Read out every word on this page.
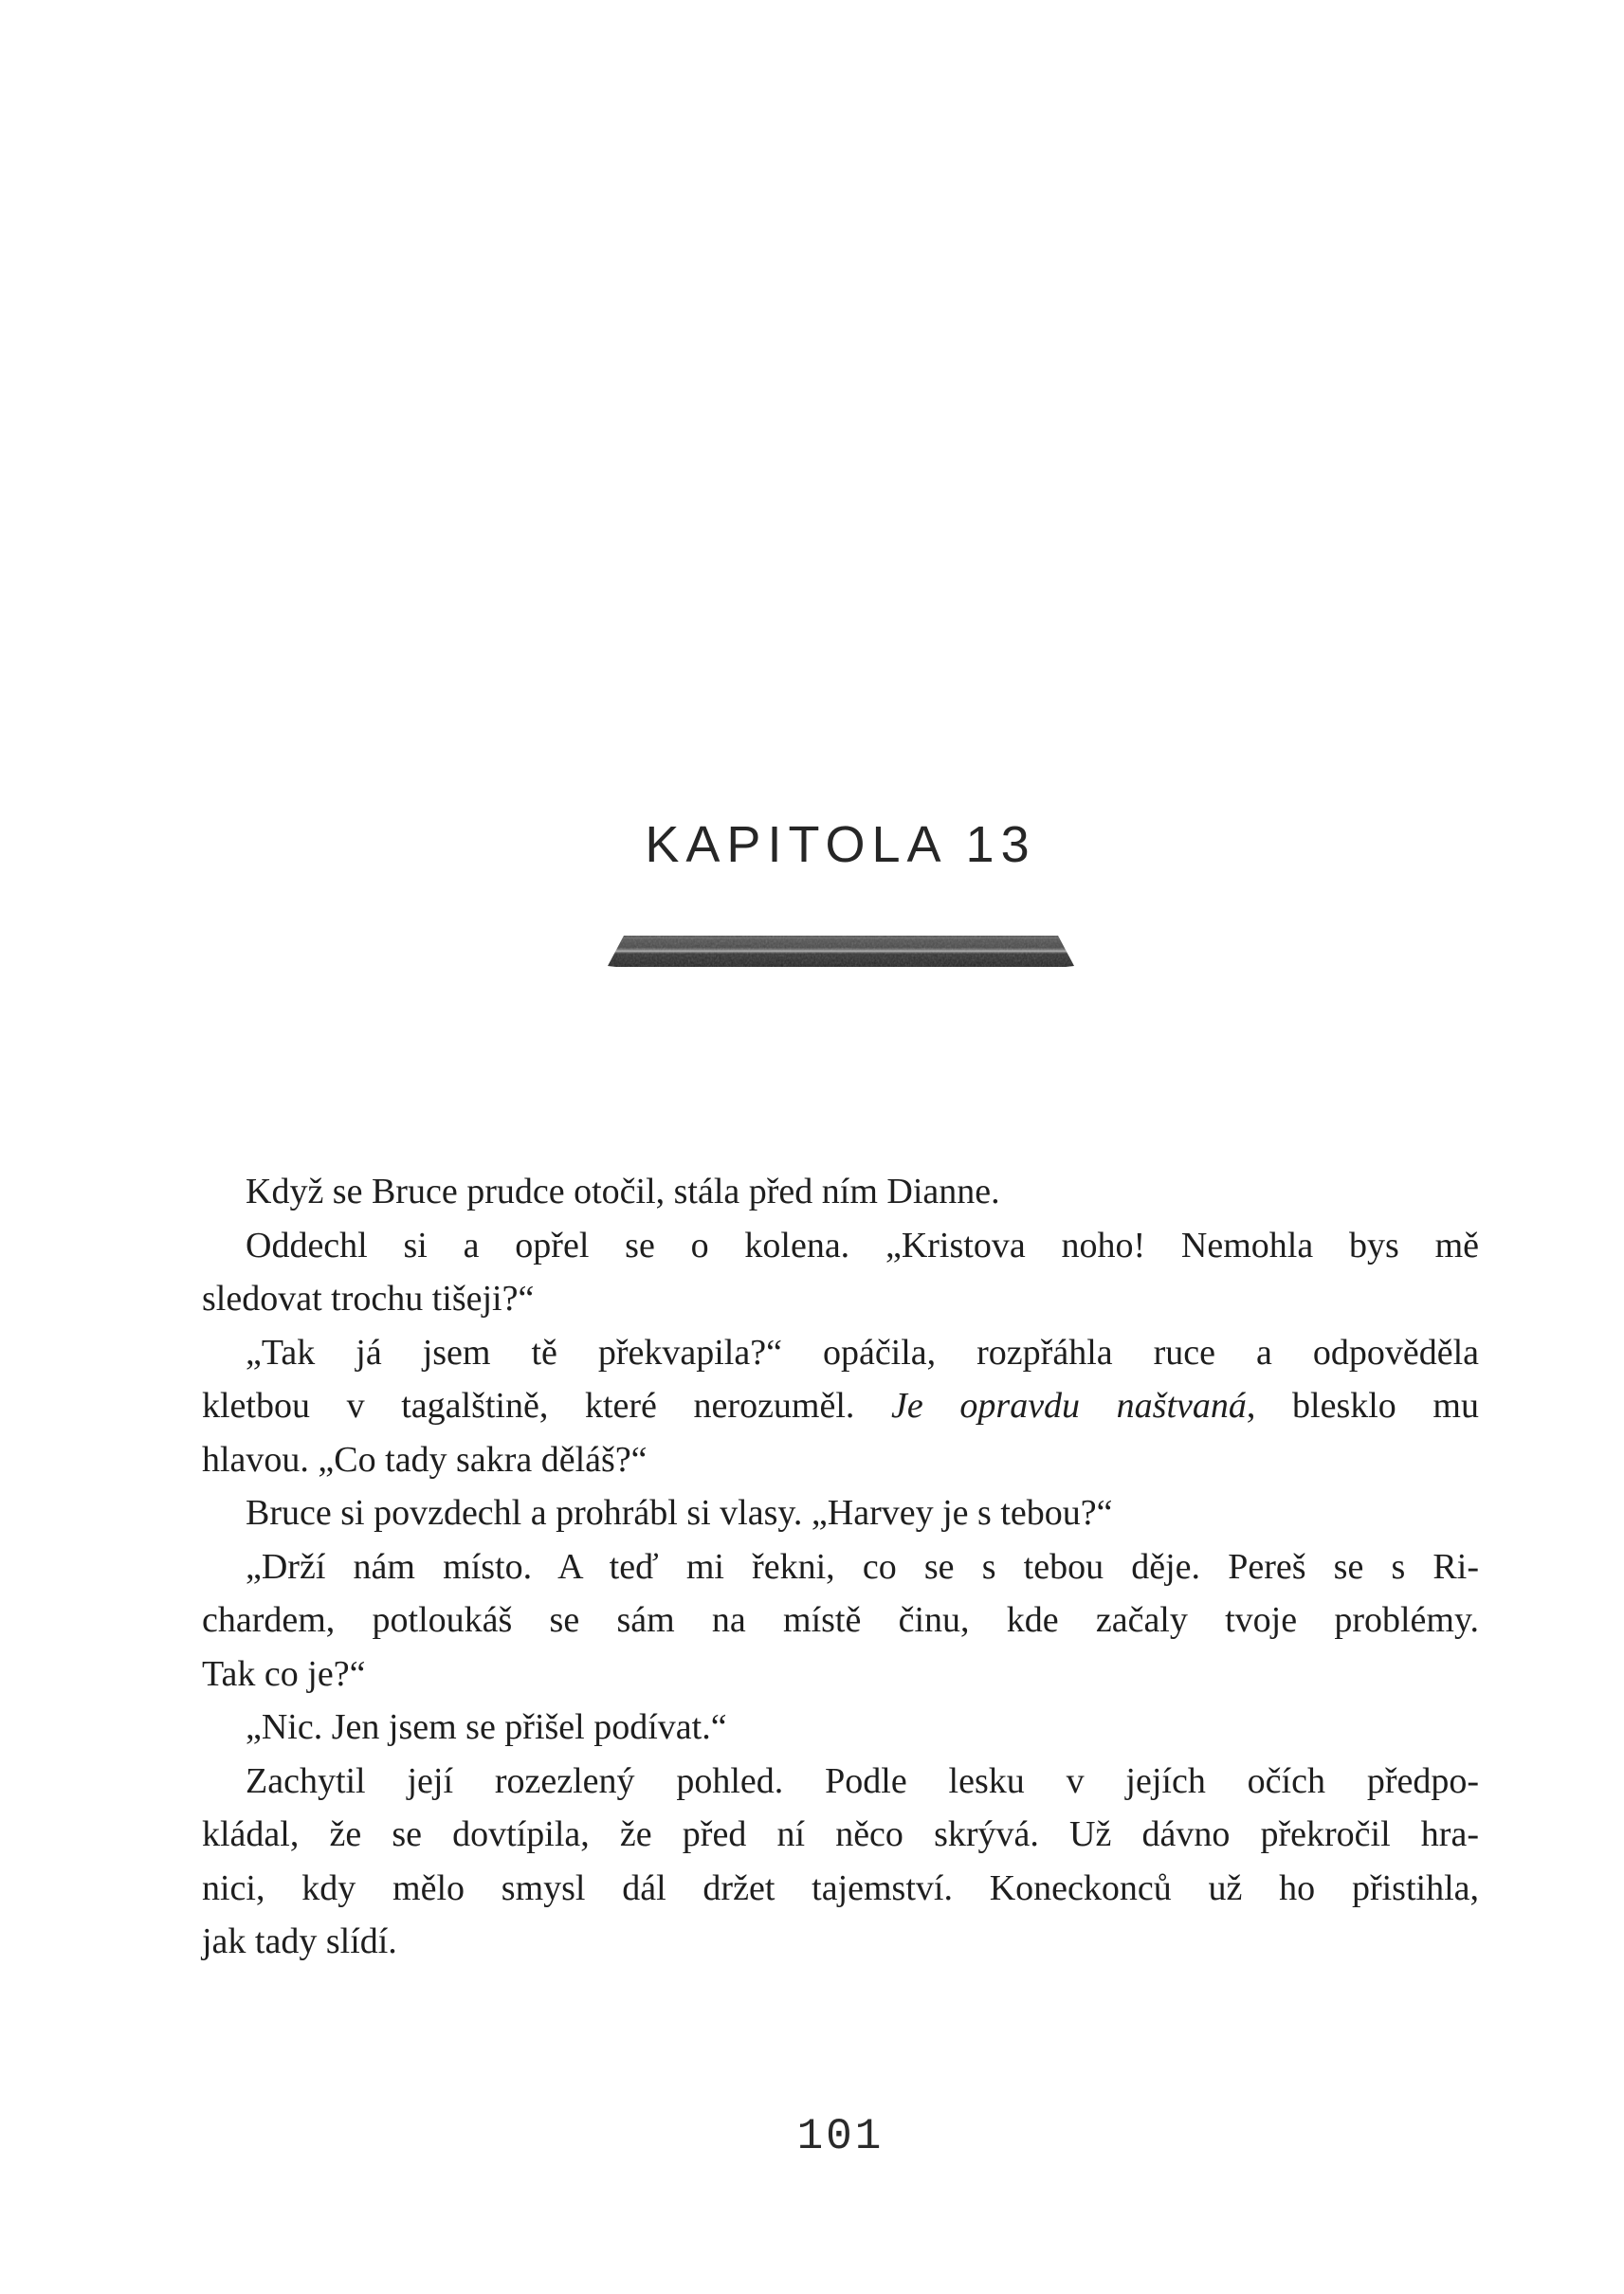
KAPITOLA 13
Když se Bruce prudce otočil, stála před ním Dianne.
Oddechl si a opřel se o kolena. „Kristova noho! Nemohla bys mě
sledovat trochu tišeji?“
„Tak já jsem tě překvapila?“ opáčila, rozpřáhla ruce a odpověděla
kletbou v tagalštině, které nerozuměl. Je opravdu naštvaná, blesklo mu
hlavou. „Co tady sakra děláš?“
Bruce si povzdechl a prohrábl si vlasy. „Harvey je s tebou?“
„Drží nám místo. A teď mi řekni, co se s tebou děje. Pereš se s Ri-
chardem, potloukáš se sám na místě činu, kde začaly tvoje problémy.
Tak co je?“
„Nic. Jen jsem se přišel podívat.“
Zachytil její rozezlený pohled. Podle lesku v jejích očích předpo-
kládal, že se dovtípila, že před ní něco skrývá. Už dávno překročil hra-
nici, kdy mělo smysl dál držet tajemství. Koneckonců už ho přistihla,
jak tady slídí.
101
